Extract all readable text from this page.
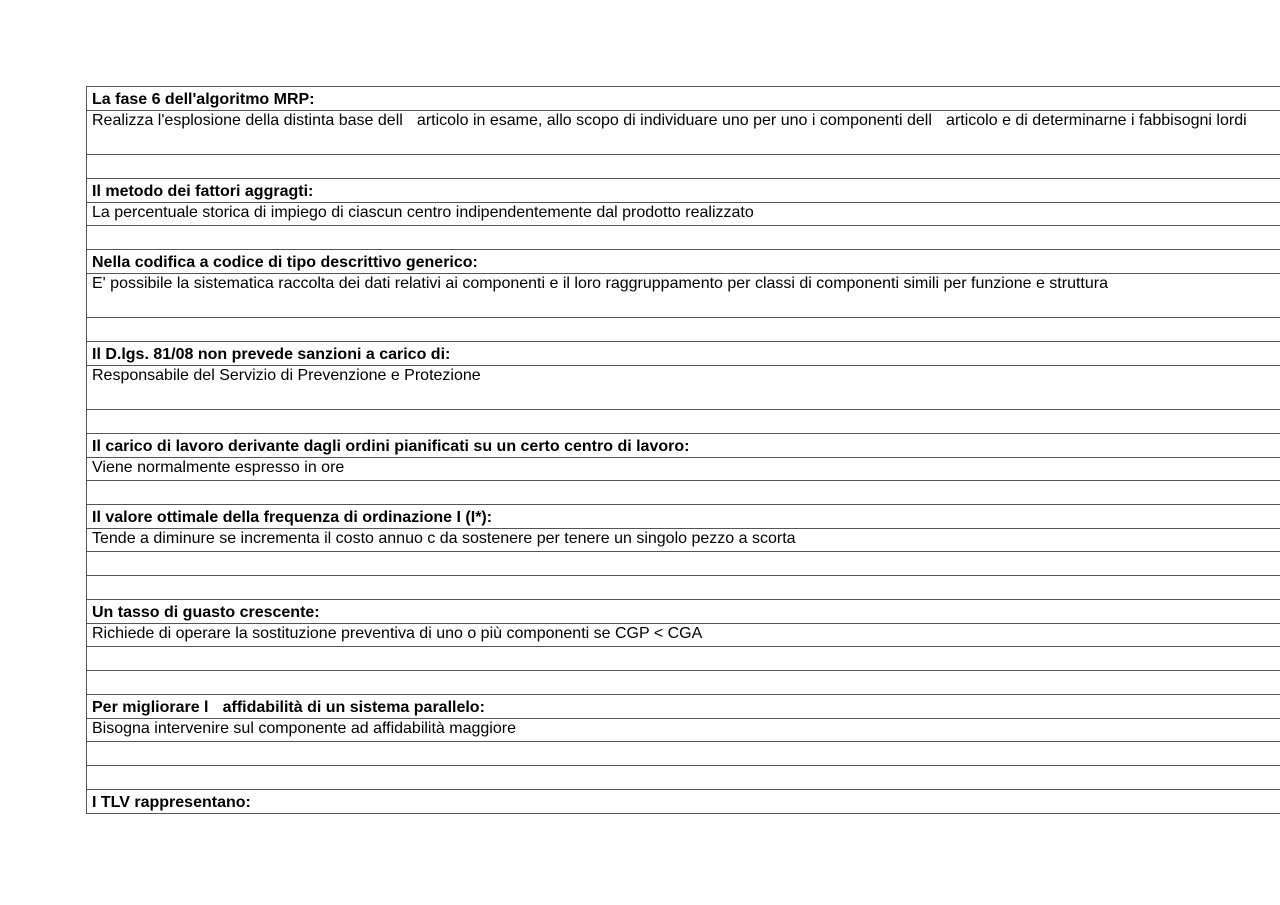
La fase 6 dell'algoritmo MRP:
Realizza l'esplosione della distinta base dell articolo in esame, allo scopo di individuare uno per uno i componenti dell articolo e di determinarne i fabbisogni lordi
Il metodo dei fattori aggragti:
La percentuale storica di impiego di ciascun centro indipendentemente dal prodotto realizzato
Nella codifica a codice di tipo descrittivo generico:
E' possibile la sistematica raccolta dei dati relativi ai componenti e il loro raggruppamento per classi di componenti simili per funzione e struttura
Il D.lgs. 81/08 non prevede sanzioni a carico di:
Responsabile del Servizio di Prevenzione e Protezione
Il carico di lavoro derivante dagli ordini pianificati su un certo centro di lavoro:
Viene normalmente espresso in ore
Il valore ottimale della frequenza di ordinazione I (I*):
Tende a diminure se incrementa il costo annuo c da sostenere per tenere un singolo pezzo a scorta
Un tasso di guasto crescente:
Richiede di operare la sostituzione preventiva di uno o più componenti se CGP < CGA
Per migliorare l affidabilità di un sistema parallelo:
Bisogna intervenire sul componente ad affidabilità maggiore
I TLV rappresentano:
